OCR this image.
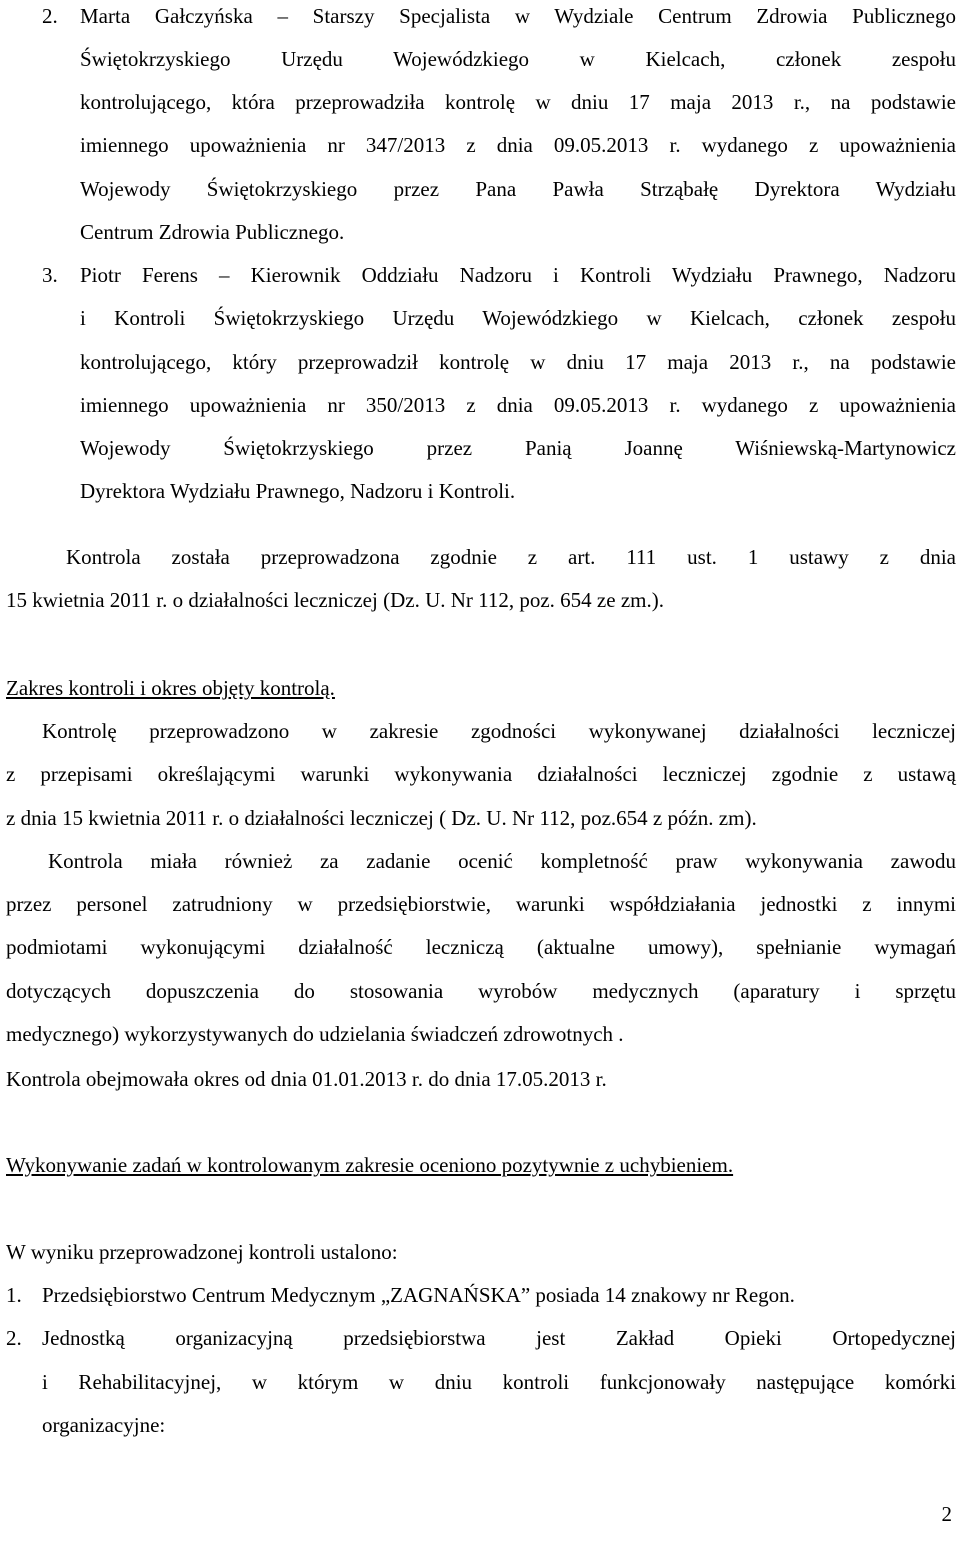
2. Marta Gałczyńska – Starszy Specjalista w Wydziale Centrum Zdrowia Publicznego

Świętokrzyskiego Urzędu Wojewódzkiego w Kielcach, członek zespołu

kontrolującego, która przeprowadziła kontrolę w dniu 17 maja 2013 r., na podstawie

imiennego upoważnienia nr 347/2013 z dnia 09.05.2013 r. wydanego z upoważnienia

Wojewody Świętokrzyskiego przez Pana Pawła Strząbałę Dyrektora Wydziału

Centrum Zdrowia Publicznego.

3. Piotr Ferens – Kierownik Oddziału Nadzoru i Kontroli Wydziału Prawnego, Nadzoru

i Kontroli Świętokrzyskiego Urzędu Wojewódzkiego w Kielcach, członek zespołu

kontrolującego, który przeprowadził kontrolę w dniu 17 maja 2013 r., na podstawie

imiennego upoważnienia nr 350/2013 z dnia 09.05.2013 r. wydanego z upoważnienia

Wojewody Świętokrzyskiego przez Panią Joannę Wiśniewską-Martynowicz

Dyrektora Wydziału Prawnego, Nadzoru i Kontroli.

Kontrola została przeprowadzona zgodnie z art. 111 ust. 1 ustawy z dnia

15 kwietnia 2011 r. o działalności leczniczej (Dz. U. Nr 112, poz. 654 ze zm.).

Zakres kontroli i okres objęty kontrolą.

Kontrolę przeprowadzono w zakresie zgodności wykonywanej działalności leczniczej

z przepisami określającymi warunki wykonywania działalności leczniczej zgodnie z ustawą

z dnia 15 kwietnia 2011 r. o działalności leczniczej ( Dz. U. Nr 112, poz.654 z późn. zm).

Kontrola miała również za zadanie ocenić kompletność praw wykonywania zawodu

przez personel zatrudniony w przedsiębiorstwie, warunki współdziałania jednostki z innymi

podmiotami wykonującymi działalność leczniczą (aktualne umowy), spełnianie wymagań

dotyczących dopuszczenia do stosowania wyrobów medycznych (aparatury i sprzętu

medycznego) wykorzystywanych do udzielania świadczeń zdrowotnych .

Kontrola obejmowała okres od dnia 01.01.2013 r. do dnia 17.05.2013 r.

Wykonywanie zadań w kontrolowanym zakresie oceniono pozytywnie z uchybieniem.

W wyniku przeprowadzonej kontroli ustalono:

1. Przedsiębiorstwo Centrum Medycznym „ZAGNAŃSKA” posiada 14 znakowy nr Regon.

2. Jednostką organizacyjną przedsiębiorstwa jest Zakład Opieki Ortopedycznej

i Rehabilitacyjnej, w którym w dniu kontroli funkcjonowały następujące komórki

organizacyjne:

2
